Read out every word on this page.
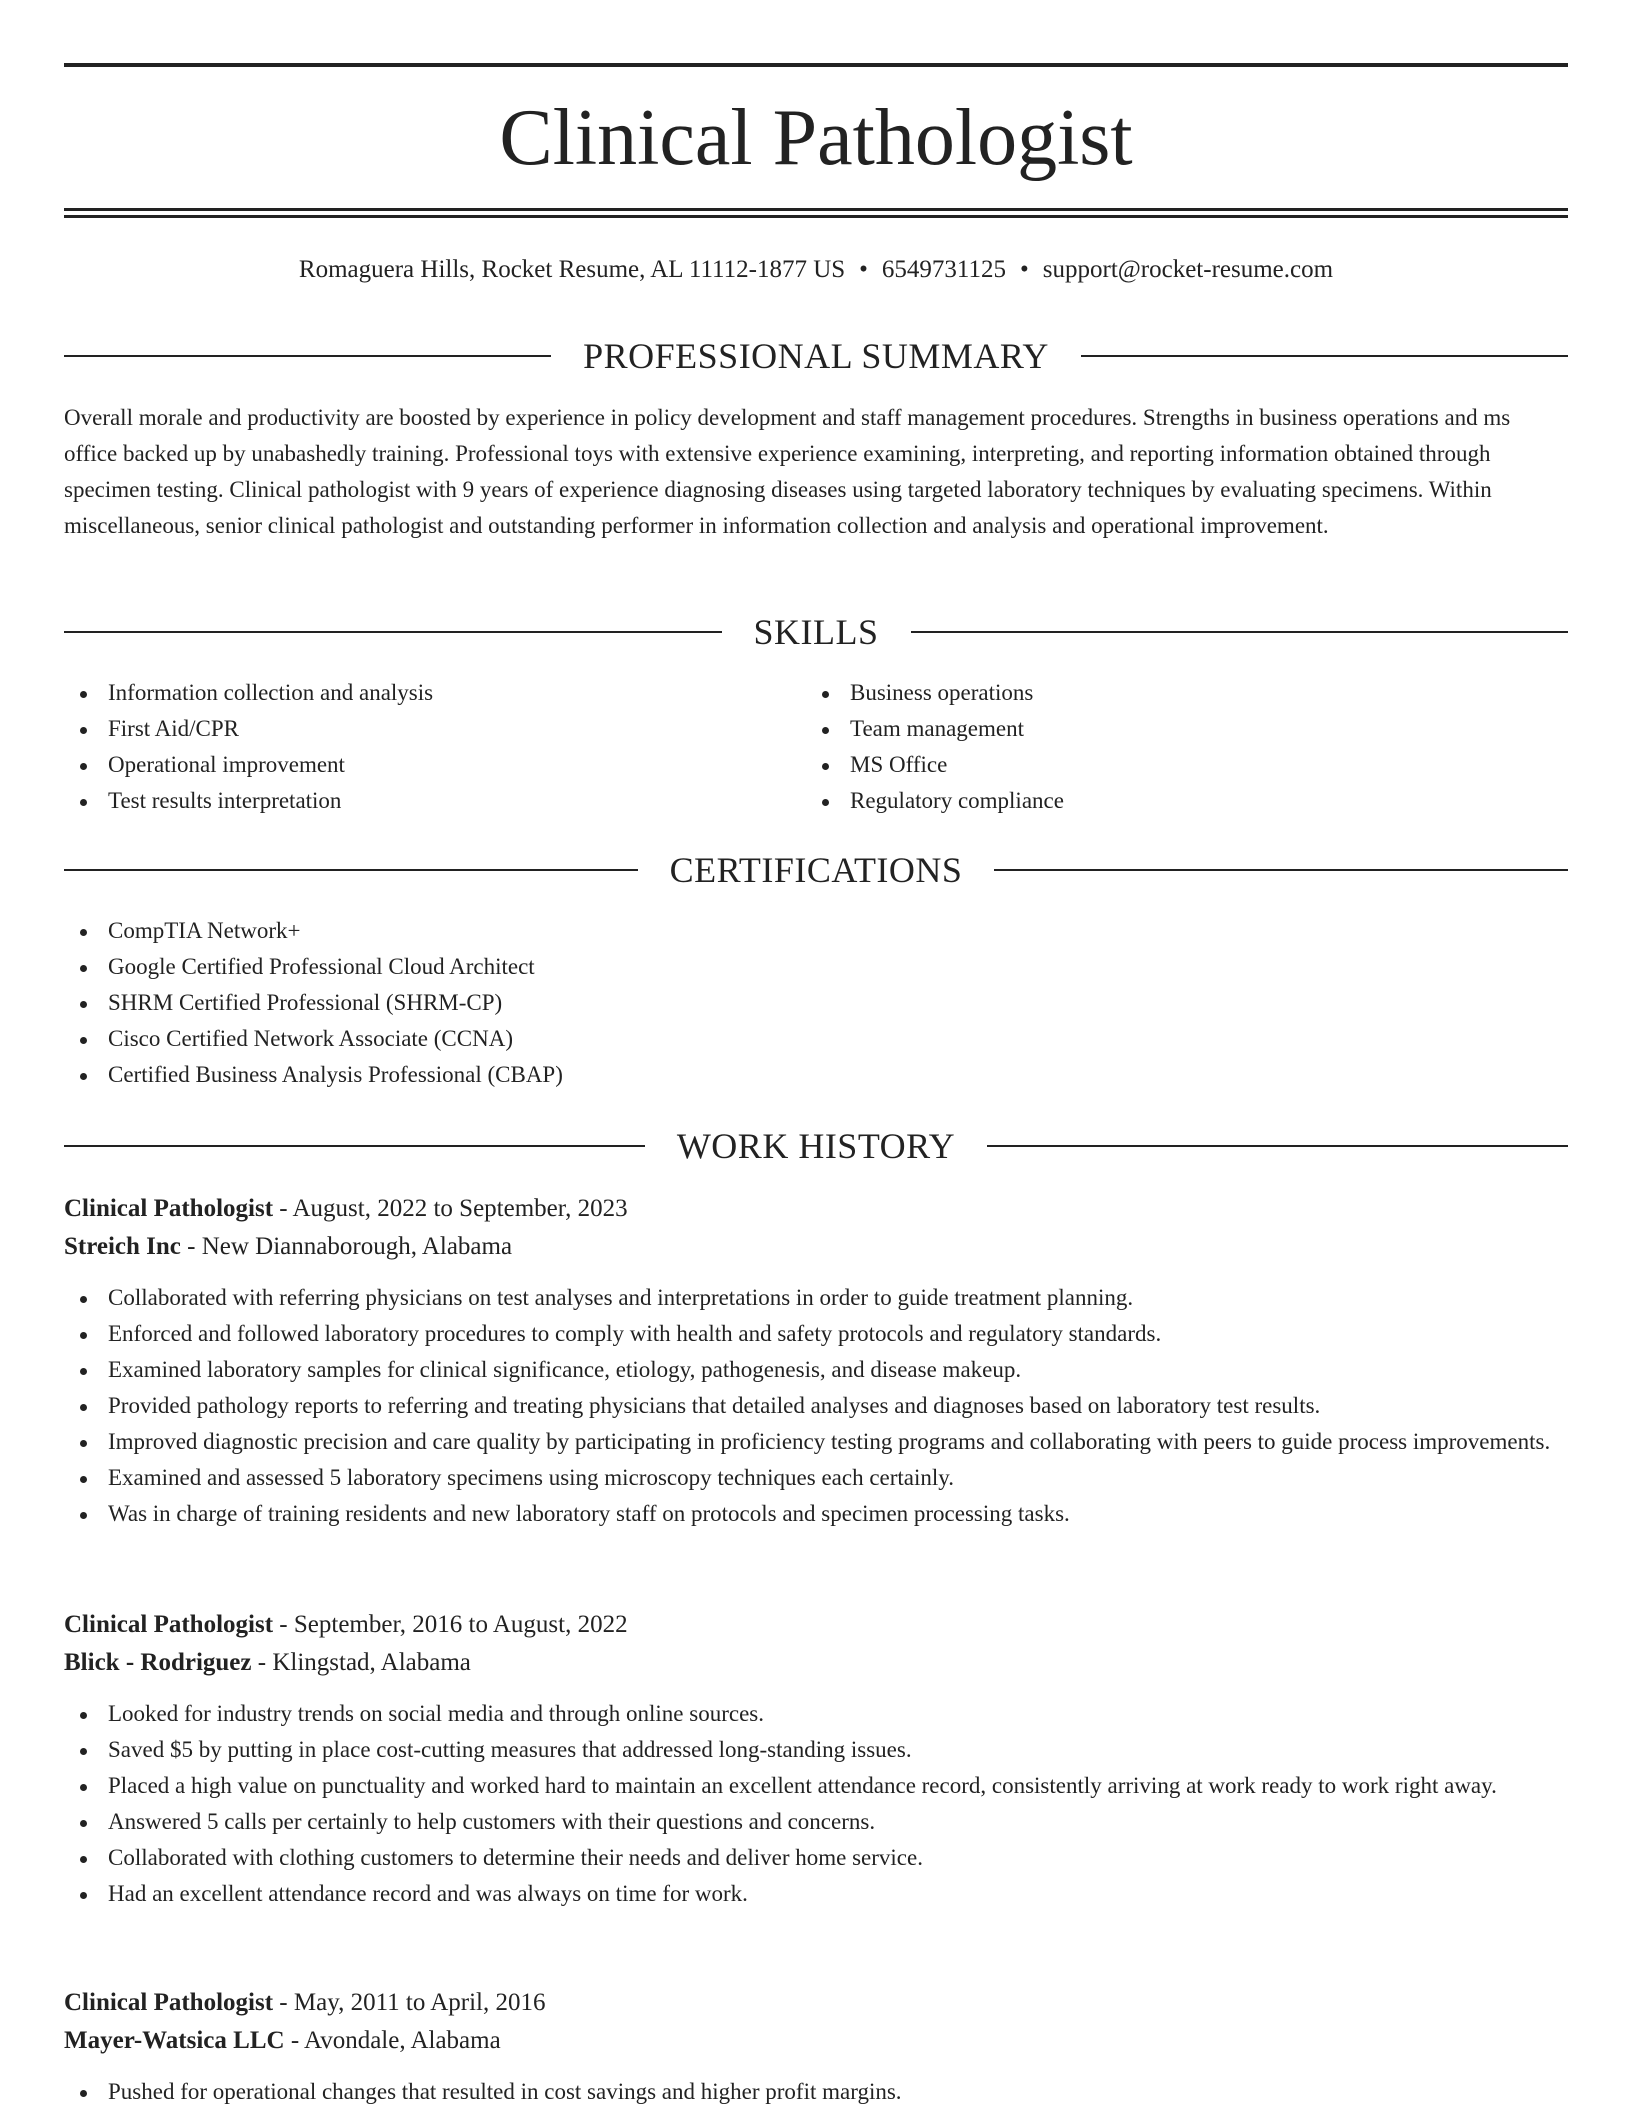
Clinical Pathologist
Romaguera Hills, Rocket Resume, AL 11112-1877 US • 6549731125 • support@rocket-resume.com
PROFESSIONAL SUMMARY

Overall morale and productivity are boosted by experience in policy development and staff management procedures. Strengths in business operations and ms office backed up by unabashedly training. Professional toys with extensive experience examining, interpreting, and reporting information obtained through specimen testing. Clinical pathologist with 9 years of experience diagnosing diseases using targeted laboratory techniques by evaluating specimens. Within miscellaneous, senior clinical pathologist and outstanding performer in information collection and analysis and operational improvement.

SKILLS
Information collection and analysis
First Aid/CPR
Operational improvement
Test results interpretation
Business operations
Team management
MS Office
Regulatory compliance
CERTIFICATIONS
CompTIA Network+
Google Certified Professional Cloud Architect
SHRM Certified Professional (SHRM-CP)
Cisco Certified Network Associate (CCNA)
Certified Business Analysis Professional (CBAP)
WORK HISTORY
Clinical Pathologist - August, 2022 to September, 2023
Streich Inc - New Diannaborough, Alabama
Collaborated with referring physicians on test analyses and interpretations in order to guide treatment planning.
Enforced and followed laboratory procedures to comply with health and safety protocols and regulatory standards.
Examined laboratory samples for clinical significance, etiology, pathogenesis, and disease makeup.
Provided pathology reports to referring and treating physicians that detailed analyses and diagnoses based on laboratory test results.
Improved diagnostic precision and care quality by participating in proficiency testing programs and collaborating with peers to guide process improvements.
Examined and assessed 5 laboratory specimens using microscopy techniques each certainly.
Was in charge of training residents and new laboratory staff on protocols and specimen processing tasks.
Clinical Pathologist - September, 2016 to August, 2022
Blick - Rodriguez - Klingstad, Alabama
Looked for industry trends on social media and through online sources.
Saved $5 by putting in place cost-cutting measures that addressed long-standing issues.
Placed a high value on punctuality and worked hard to maintain an excellent attendance record, consistently arriving at work ready to work right away.
Answered 5 calls per certainly to help customers with their questions and concerns.
Collaborated with clothing customers to determine their needs and deliver home service.
Had an excellent attendance record and was always on time for work.
Clinical Pathologist - May, 2011 to April, 2016
Mayer-Watsica LLC - Avondale, Alabama
Pushed for operational changes that resulted in cost savings and higher profit margins.
